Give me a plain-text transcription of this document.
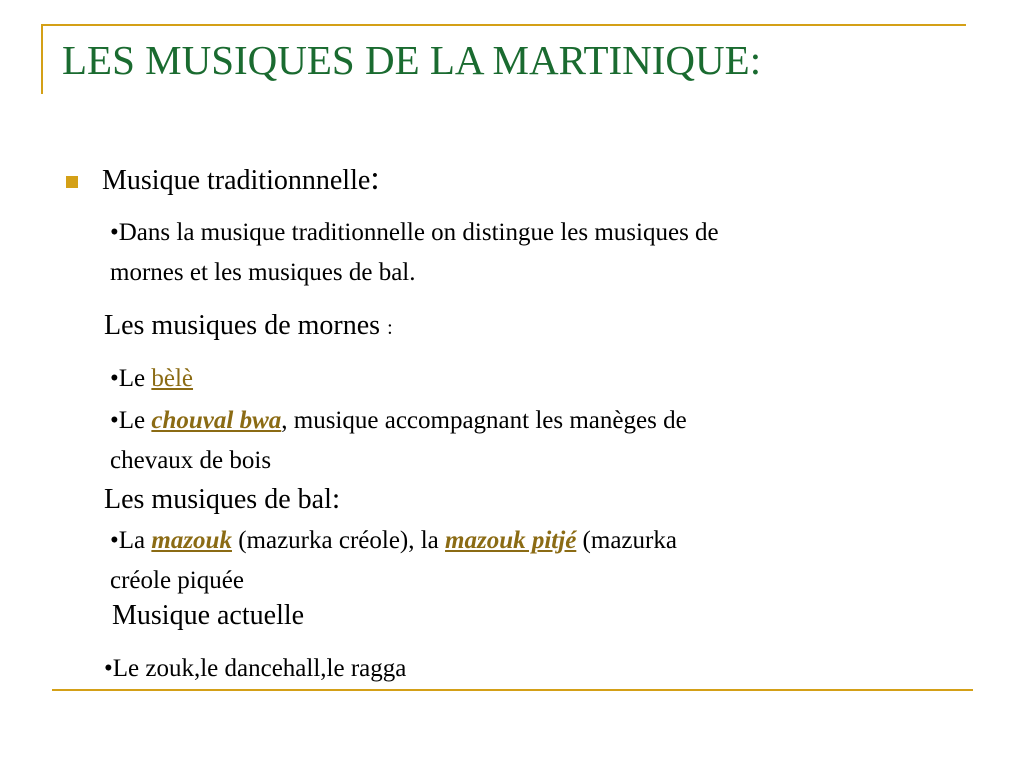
LES MUSIQUES DE LA MARTINIQUE:
Musique traditionnnelle:
•Dans la musique traditionnelle on distingue les musiques de
mornes et les musiques de bal.
Les musiques de mornes :
•Le bèlè
•Le chouval bwa, musique accompagnant les manèges de
chevaux de bois
Les musiques de bal:
•La mazouk (mazurka créole), la mazouk pitjé (mazurka
créole piquée
Musique actuelle
•Le zouk,le dancehall,le ragga
